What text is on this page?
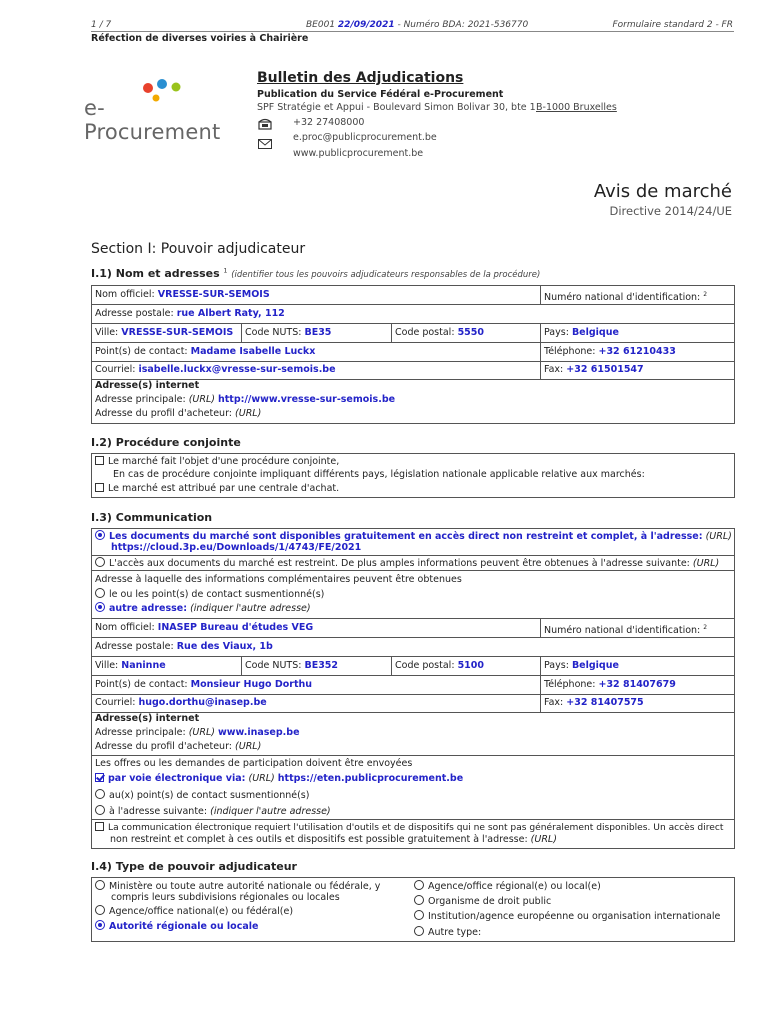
1 / 7	BE001 22/09/2021 - Numéro BDA: 2021-536770	Formulaire standard 2 - FR
Réfection de diverses voiries à Chairière
e-Procurement
Bulletin des Adjudications
Publication du Service Fédéral e-Procurement
SPF Stratégie et Appui - Boulevard Simon Bolivar 30, bte 1 B-1000 Bruxelles
+32 27408000
e.proc@publicprocurement.be
www.publicprocurement.be
Avis de marché
Directive 2014/24/UE
Section I: Pouvoir adjudicateur
I.1) Nom et adresses $^1$ (identifier tous les pouvoirs adjudicateurs responsables de la procédure)
Nom officiel: VRESSE-SUR-SEMOIS	Numéro national d'identification: $^2$
Adresse postale: rue Albert Raty, 112
Ville: VRESSE-SUR-SEMOIS	Code NUTS: BE35	Code postal: 5550	Pays: Belgique
Point(s) de contact: Madame Isabelle Luckx	Téléphone: +32 61210433
Courriel: isabelle.luckx@vresse-sur-semois.be	Fax: +32 61501547
Adresse(s) internet
Adresse principale: (URL) http://www.vresse-sur-semois.be
Adresse du profil d'acheteur: (URL)
I.2) Procédure conjointe
Le marché fait l'objet d'une procédure conjointe,
En cas de procédure conjointe impliquant différents pays, législation nationale applicable relative aux marchés:
Le marché est attribué par une centrale d'achat.
I.3) Communication
Les documents du marché sont disponibles gratuitement en accès direct non restreint et complet, à l'adresse: (URL)
https://cloud.3p.eu/Downloads/1/4743/FE/2021
L'accès aux documents du marché est restreint. De plus amples informations peuvent être obtenues à l'adresse suivante: (URL)
Adresse à laquelle des informations complémentaires peuvent être obtenues
le ou les point(s) de contact susmentionné(s)
autre adresse: (indiquer l'autre adresse)
Nom officiel: INASEP Bureau d'études VEG	Numéro national d'identification: $^2$
Adresse postale: Rue des Viaux, 1b
Ville: Naninne	Code NUTS: BE352	Code postal: 5100	Pays: Belgique
Point(s) de contact: Monsieur Hugo Dorthu	Téléphone: +32 81407679
Courriel: hugo.dorthu@inasep.be	Fax: +32 81407575
Adresse(s) internet
Adresse principale: (URL) www.inasep.be
Adresse du profil d'acheteur: (URL)
Les offres ou les demandes de participation doivent être envoyées
par voie électronique via: (URL) https://eten.publicprocurement.be
au(x) point(s) de contact susmentionné(s)
à l'adresse suivante: (indiquer l'autre adresse)
La communication électronique requiert l'utilisation d'outils et de dispositifs qui ne sont pas généralement disponibles. Un accès direct
non restreint et complet à ces outils et dispositifs est possible gratuitement à l'adresse: (URL)
I.4) Type de pouvoir adjudicateur
Ministère ou toute autre autorité nationale ou fédérale, y
compris leurs subdivisions régionales ou locales
Agence/office national(e) ou fédéral(e)
Autorité régionale ou locale
Agence/office régional(e) ou local(e)
Organisme de droit public
Institution/agence européenne ou organisation internationale
Autre type:
